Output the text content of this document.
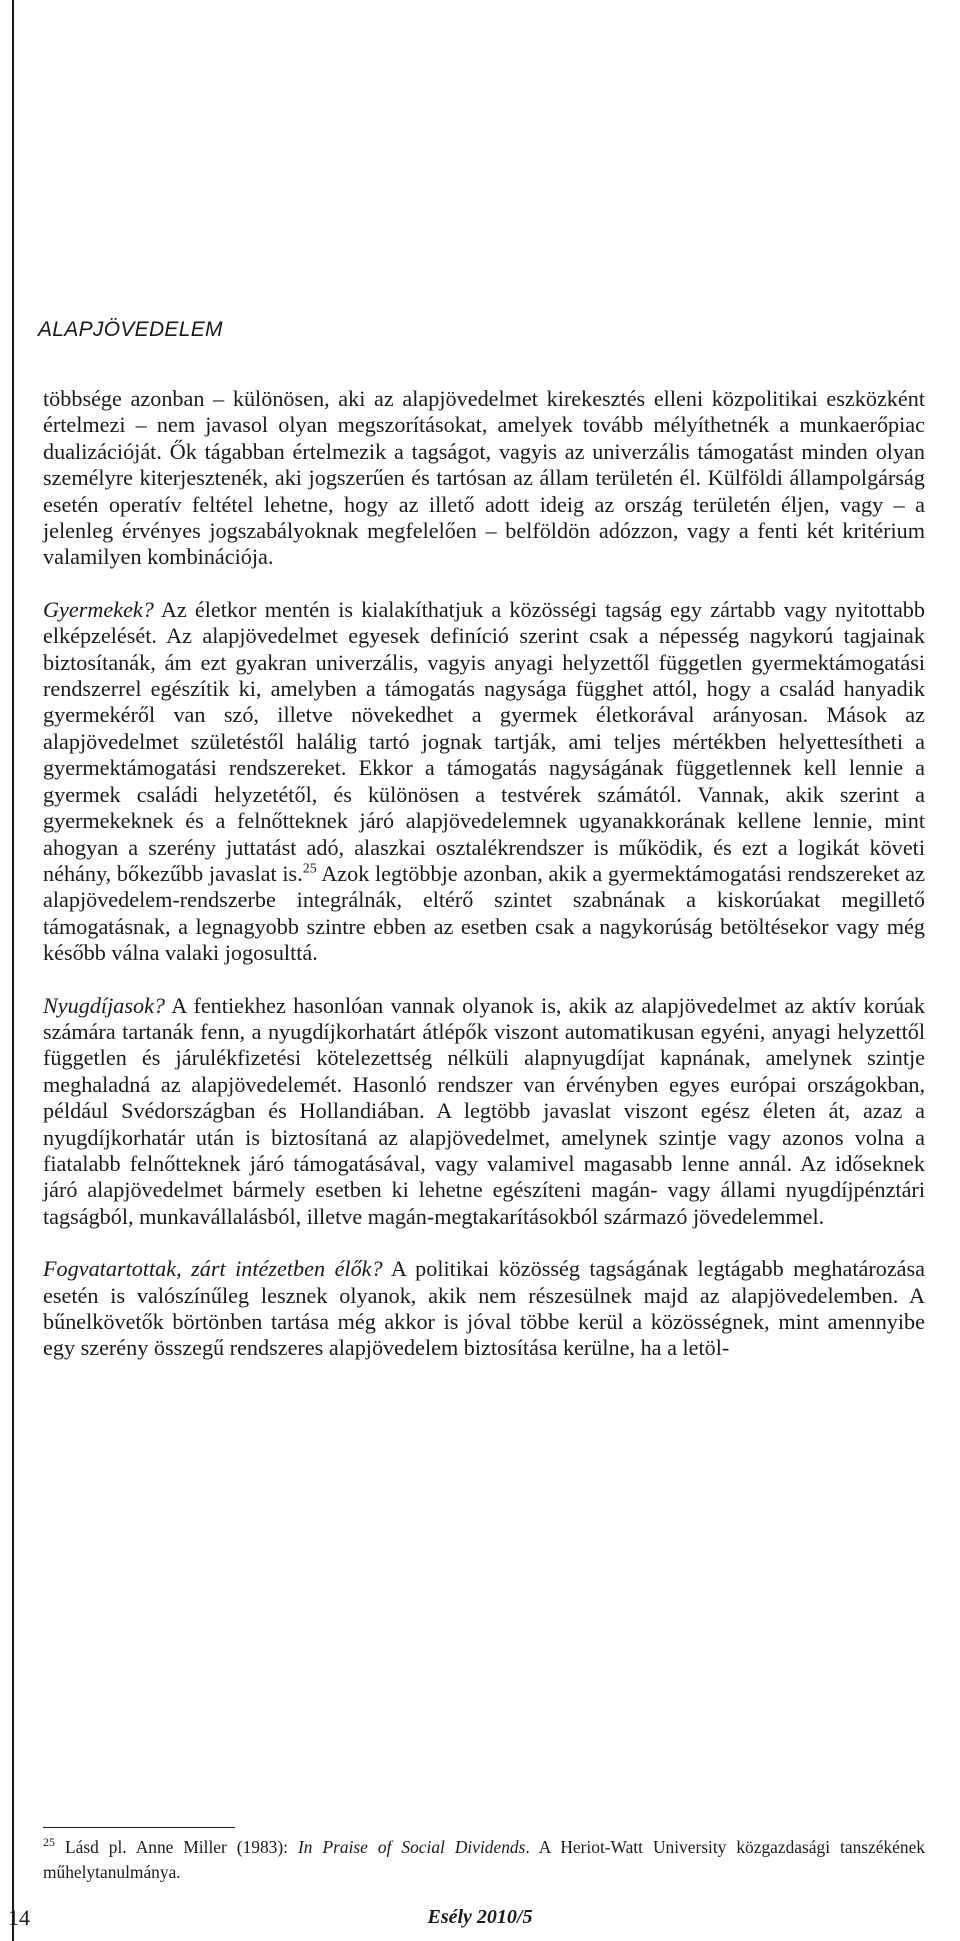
ALAPJÖVEDELEM

többsége azonban – különösen, aki az alapjövedelmet kirekesztés elleni közpolitikai eszközként értelmezi – nem javasol olyan megszorításokat, amelyek tovább mélyíthetnék a munkaerőpiac dualizációját. Ők tágabban értelmezik a tagságot, vagyis az univerzális támogatást minden olyan személyre kiterjesztenék, aki jogszerűen és tartósan az állam területén él. Külföldi állampolgárság esetén operatív feltétel lehetne, hogy az illető adott ideig az ország területén éljen, vagy – a jelenleg érvényes jogszabályoknak megfelelően – belföldön adózzon, vagy a fenti két kritérium valamilyen kombinációja.

Gyermekek? Az életkor mentén is kialakíthatjuk a közösségi tagság egy zártabb vagy nyitottabb elképzelését. Az alapjövedelmet egyesek definíció szerint csak a népesség nagykorú tagjainak biztosítanák, ám ezt gyakran univerzális, vagyis anyagi helyzettől független gyermektámogatási rendszerrel egészítik ki, amelyben a támogatás nagysága függhet attól, hogy a család hanyadik gyermekéről van szó, illetve növekedhet a gyermek életkorával arányosan. Mások az alapjövedelmet születéstől halálig tartó jognak tartják, ami teljes mértékben helyettesítheti a gyermektámogatási rendszereket. Ekkor a támogatás nagyságának függetlennek kell lennie a gyermek családi helyzetétől, és különösen a testvérek számától. Vannak, akik szerint a gyermekeknek és a felnőtteknek járó alapjövedelemnek ugyanakkorának kellene lennie, mint ahogyan a szerény juttatást adó, alaszkai osztalékrendszer is működik, és ezt a logikát követi néhány, bőkezűbb javaslat is.$^{25}$ Azok legtöbbje azonban, akik a gyermektámogatási rendszereket az alapjövedelem-rendszerbe integrálnák, eltérő szintet szabnának a kiskorúakat megillető támogatásnak, a legnagyobb szintre ebben az esetben csak a nagykorúság betöltésekor vagy még később válna valaki jogosulttá.

Nyugdíjasok? A fentiekhez hasonlóan vannak olyanok is, akik az alapjövedelmet az aktív korúak számára tartanák fenn, a nyugdíjkorhatárt átlépők viszont automatikusan egyéni, anyagi helyzettől független és járulékfizetési kötelezettség nélküli alapnyugdíjat kapnának, amelynek szintje meghaladná az alapjövedelemét. Hasonló rendszer van érvényben egyes európai országokban, például Svédországban és Hollandiában. A legtöbb javaslat viszont egész életen át, azaz a nyugdíjkorhatár után is biztosítaná az alapjövedelmet, amelynek szintje vagy azonos volna a fiatalabb felnőtteknek járó támogatásával, vagy valamivel magasabb lenne annál. Az időseknek járó alapjövedelmet bármely esetben ki lehetne egészíteni magán- vagy állami nyugdíjpénztári tagságból, munkavállalásból, illetve magán-megtakarításokból származó jövedelemmel.

Fogvatartottak, zárt intézetben élők? A politikai közösség tagságának legtágabb meghatározása esetén is valószínűleg lesznek olyanok, akik nem részesülnek majd az alapjövedelemben. A bűnelkövetők börtönben tartása még akkor is jóval többe kerül a közösségnek, mint amennyibe egy szerény összegű rendszeres alapjövedelem biztosítása kerülne, ha a letöl-

$^{25}$ Lásd pl. Anne Miller (1983): In Praise of Social Dividends. A Heriot-Watt University közgazdasági tanszékének műhelytanulmánya.
14	Esély 2010/5
